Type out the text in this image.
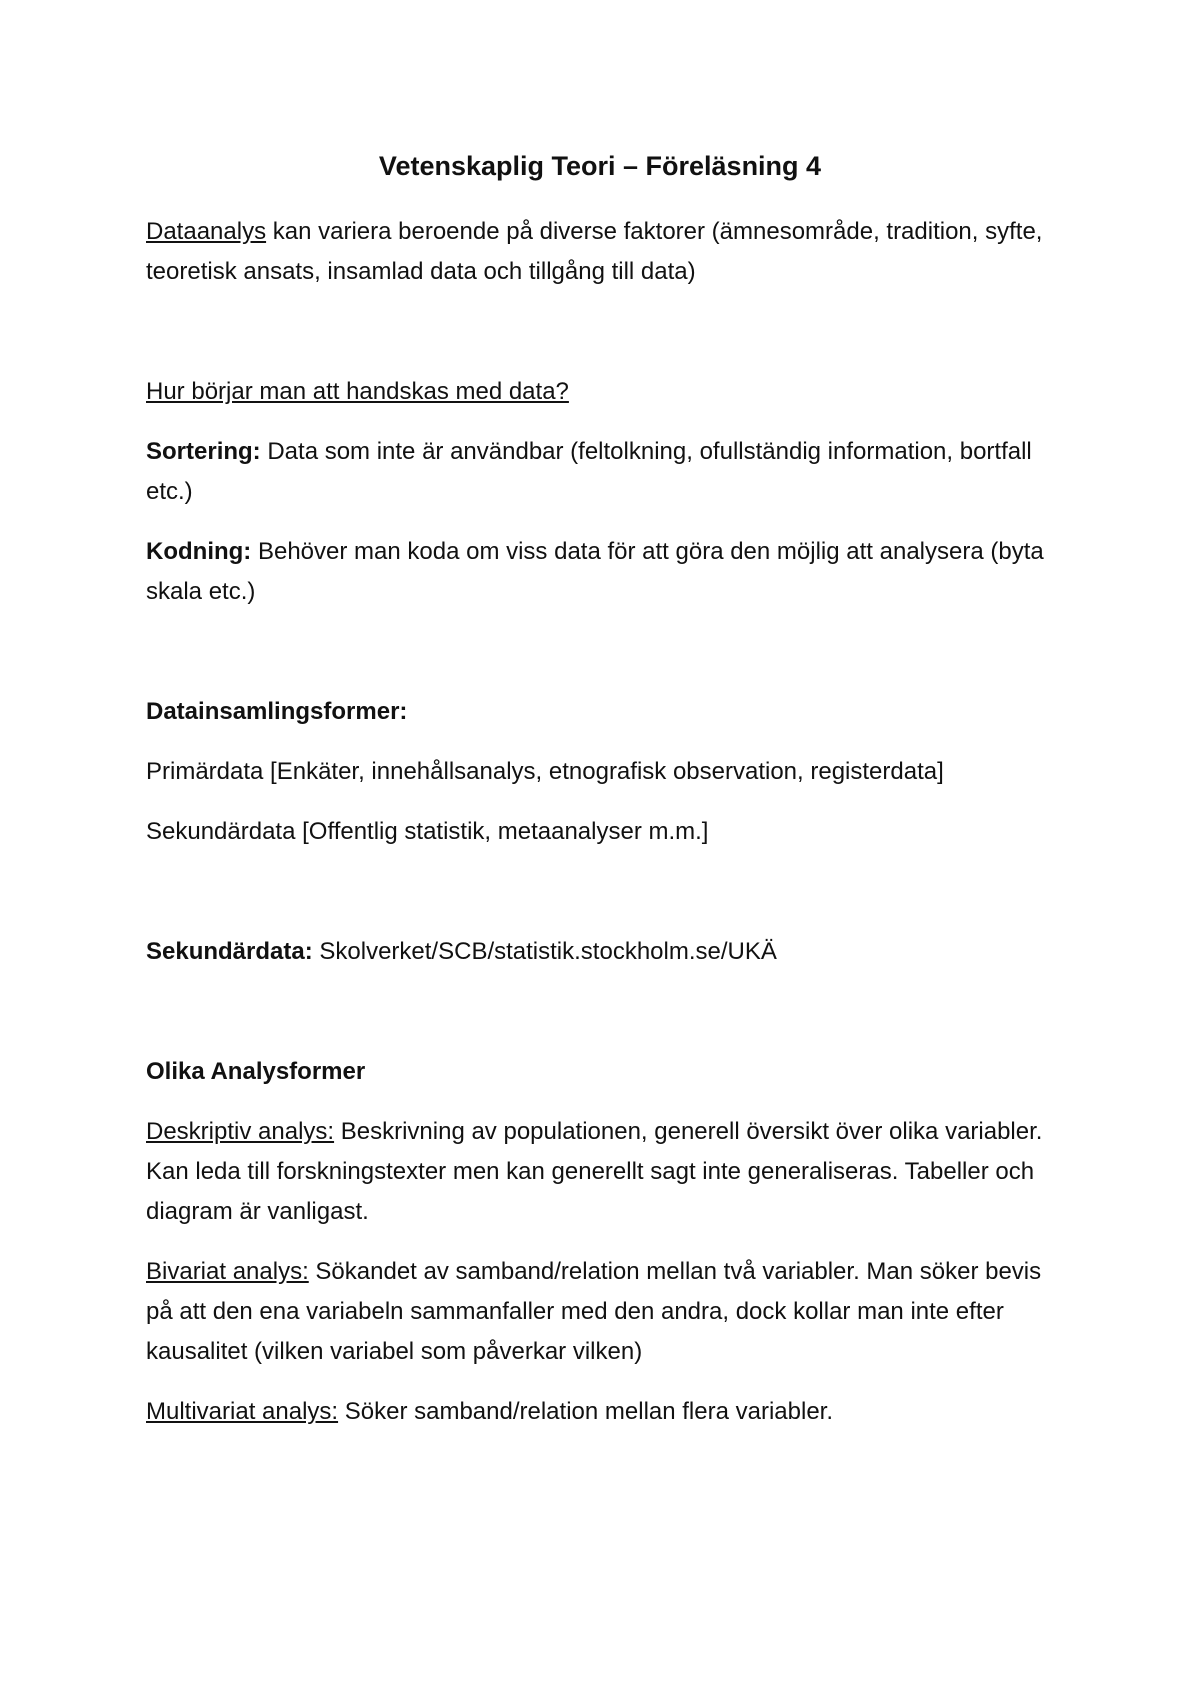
Vetenskaplig Teori – Föreläsning 4

Dataanalys kan variera beroende på diverse faktorer (ämnesområde, tradition, syfte, teoretisk ansats, insamlad data och tillgång till data)

Hur börjar man att handskas med data?

Sortering: Data som inte är användbar (feltolkning, ofullständig information, bortfall etc.)

Kodning: Behöver man koda om viss data för att göra den möjlig att analysera (byta skala etc.)

Datainsamlingsformer:

Primärdata [Enkäter, innehållsanalys, etnografisk observation, registerdata]

Sekundärdata [Offentlig statistik, metaanalyser m.m.]

Sekundärdata: Skolverket/SCB/statistik.stockholm.se/UKÄ

Olika Analysformer

Deskriptiv analys: Beskrivning av populationen, generell översikt över olika variabler. Kan leda till forskningstexter men kan generellt sagt inte generaliseras. Tabeller och diagram är vanligast.

Bivariat analys: Sökandet av samband/relation mellan två variabler. Man söker bevis på att den ena variabeln sammanfaller med den andra, dock kollar man inte efter kausalitet (vilken variabel som påverkar vilken)

Multivariat analys: Söker samband/relation mellan flera variabler.
